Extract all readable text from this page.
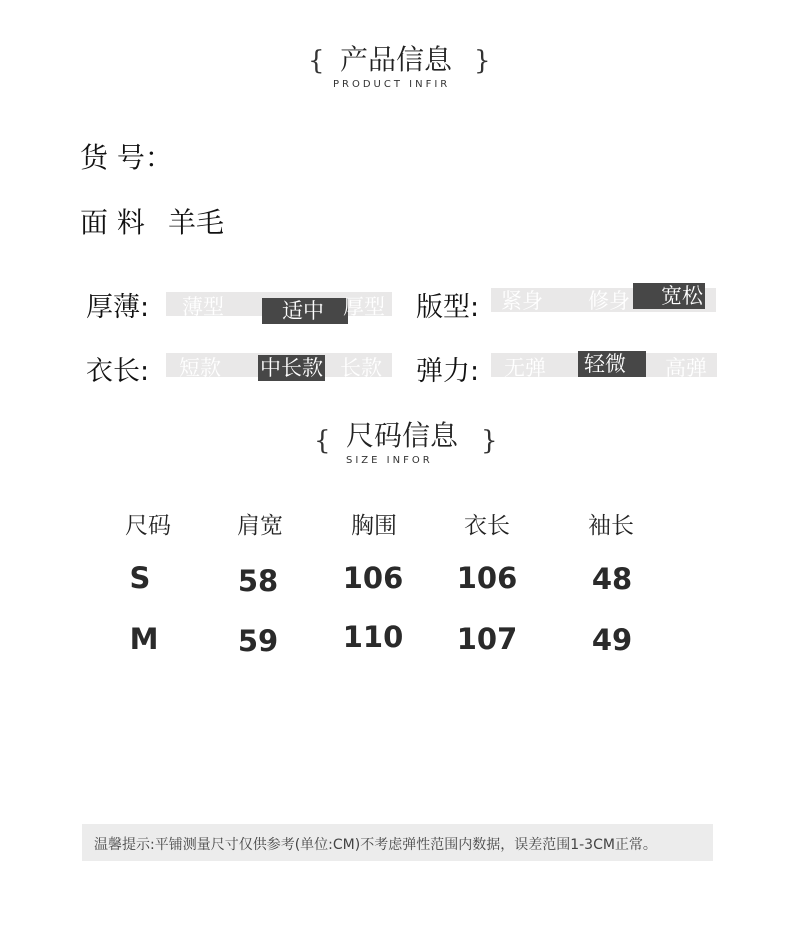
{ 产品信息
PRODUCT INFIR
}
货 号：
面 料 羊毛
厚薄: 薄型	适中 厚型 版型: 紧身 修身	宽松
衣长: 短款 中长款 长款 弹力: 无弹 轻微	高弹
{ 尺码信息
SIZE INFOR
}
尺码	肩宽	胸围	衣长	袖长
S	58	106	106	48
M	59	110	107	49
温馨提示:平铺测量尺寸仅供参考(单位:CM)不考虑弹性范围内数据，误差范围1-3CM正常。
